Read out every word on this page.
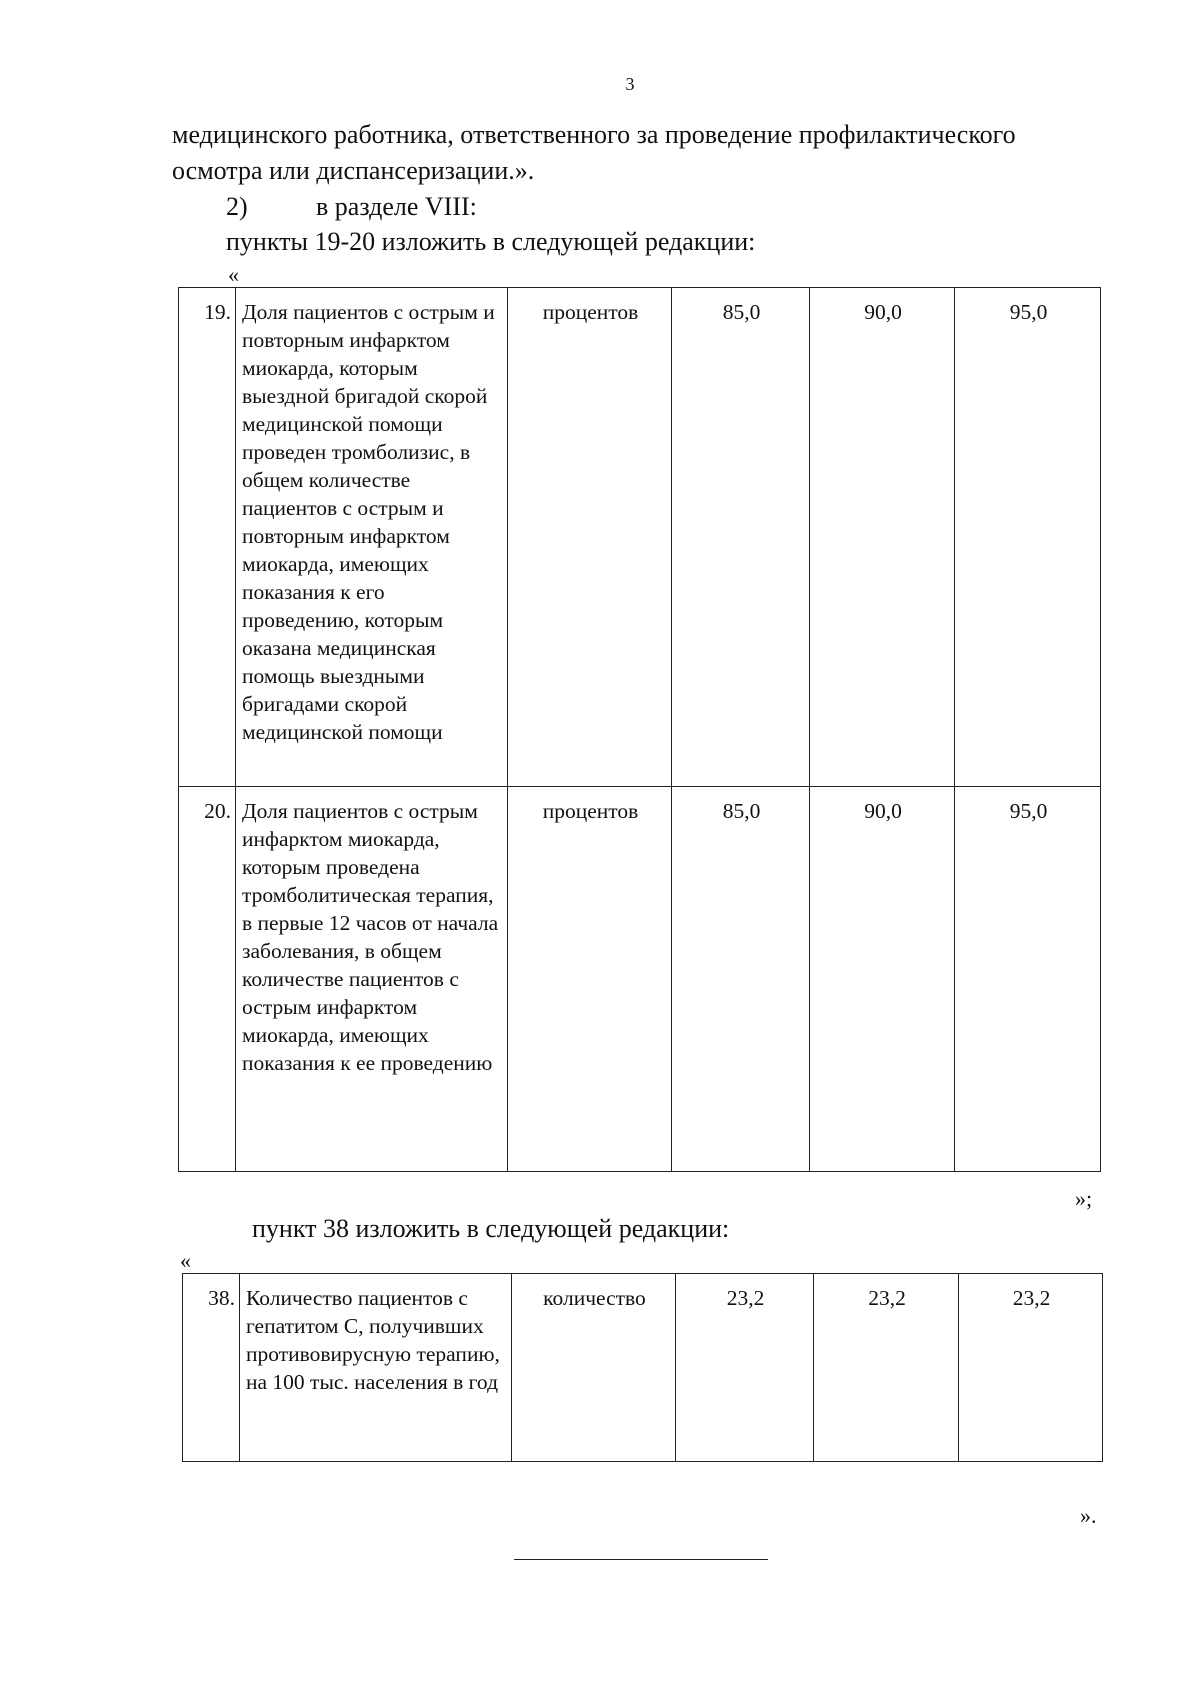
3
медицинского работника, ответственного за проведение профилактического
осмотра или диспансеризации.».
2)	в разделе VIII:
пункты 19-20 изложить в следующей редакции:
«
19.	Доля пациентов с острым и повторным инфарктом миокарда, которым выездной бригадой скорой медицинской помощи проведен тромболизис, в общем количестве пациентов с острым и повторным инфарктом миокарда, имеющих показания к его проведению, которым оказана медицинская помощь выездными бригадами скорой медицинской помощи	процентов	85,0	90,0	95,0
20.	Доля пациентов с острым инфарктом миокарда, которым проведена тромболитическая терапия, в первые 12 часов от начала заболевания, в общем количестве пациентов с острым инфарктом миокарда, имеющих показания к ее проведению	процентов	85,0	90,0	95,0
»;
пункт 38 изложить в следующей редакции:
«
38.	Количество пациентов с гепатитом С, получивших противовирусную терапию, на 100 тыс. населения в год	количество	23,2	23,2	23,2
».
